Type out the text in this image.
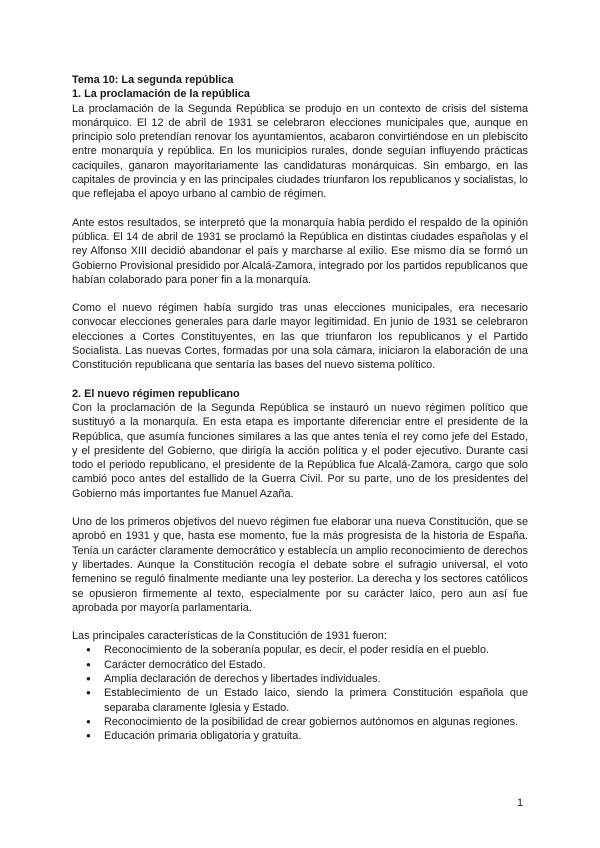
Tema 10: La segunda república
1. La proclamación de la república

La proclamación de la Segunda República se produjo en un contexto de crisis del sistema monárquico. El 12 de abril de 1931 se celebraron elecciones municipales que, aunque en principio solo pretendían renovar los ayuntamientos, acabaron convirtiéndose en un plebiscito entre monarquía y república. En los municipios rurales, donde seguían influyendo prácticas caciquiles, ganaron mayoritariamente las candidaturas monárquicas. Sin embargo, en las capitales de provincia y en las principales ciudades triunfaron los republicanos y socialistas, lo que reflejaba el apoyo urbano al cambio de régimen.

Ante estos resultados, se interpretó que la monarquía había perdido el respaldo de la opinión pública. El 14 de abril de 1931 se proclamó la República en distintas ciudades españolas y el rey Alfonso XIII decidió abandonar el país y marcharse al exilio. Ese mismo día se formó un Gobierno Provisional presidido por Alcalá-Zamora, integrado por los partidos republicanos que habían colaborado para poner fin a la monarquía.

Como el nuevo régimen había surgido tras unas elecciones municipales, era necesario convocar elecciones generales para darle mayor legitimidad. En junio de 1931 se celebraron elecciones a Cortes Constituyentes, en las que triunfaron los republicanos y el Partido Socialista. Las nuevas Cortes, formadas por una sola cámara, iniciaron la elaboración de una Constitución republicana que sentaría las bases del nuevo sistema político.

2. El nuevo régimen republicano

Con la proclamación de la Segunda República se instauró un nuevo régimen político que sustituyó a la monarquía. En esta etapa es importante diferenciar entre el presidente de la República, que asumía funciones similares a las que antes tenía el rey como jefe del Estado, y el presidente del Gobierno, que dirigía la acción política y el poder ejecutivo. Durante casi todo el periodo republicano, el presidente de la República fue Alcalá-Zamora, cargo que solo cambió poco antes del estallido de la Guerra Civil. Por su parte, uno de los presidentes del Gobierno más importantes fue Manuel Azaña.

Uno de los primeros objetivos del nuevo régimen fue elaborar una nueva Constitución, que se aprobó en 1931 y que, hasta ese momento, fue la más progresista de la historia de España. Tenía un carácter claramente democrático y establecía un amplio reconocimiento de derechos y libertades. Aunque la Constitución recogía el debate sobre el sufragio universal, el voto femenino se reguló finalmente mediante una ley posterior. La derecha y los sectores católicos se opusieron firmemente al texto, especialmente por su carácter laico, pero aun así fue aprobada por mayoría parlamentaria.

Las principales características de la Constitución de 1931 fueron:

● Reconocimiento de la soberanía popular, es decir, el poder residía en el pueblo.
● Carácter democrático del Estado.
● Amplia declaración de derechos y libertades individuales.
● Establecimiento de un Estado laico, siendo la primera Constitución española que separaba claramente Iglesia y Estado.
● Reconocimiento de la posibilidad de crear gobiernos autónomos en algunas regiones.
● Educación primaria obligatoria y gratuita.
1
